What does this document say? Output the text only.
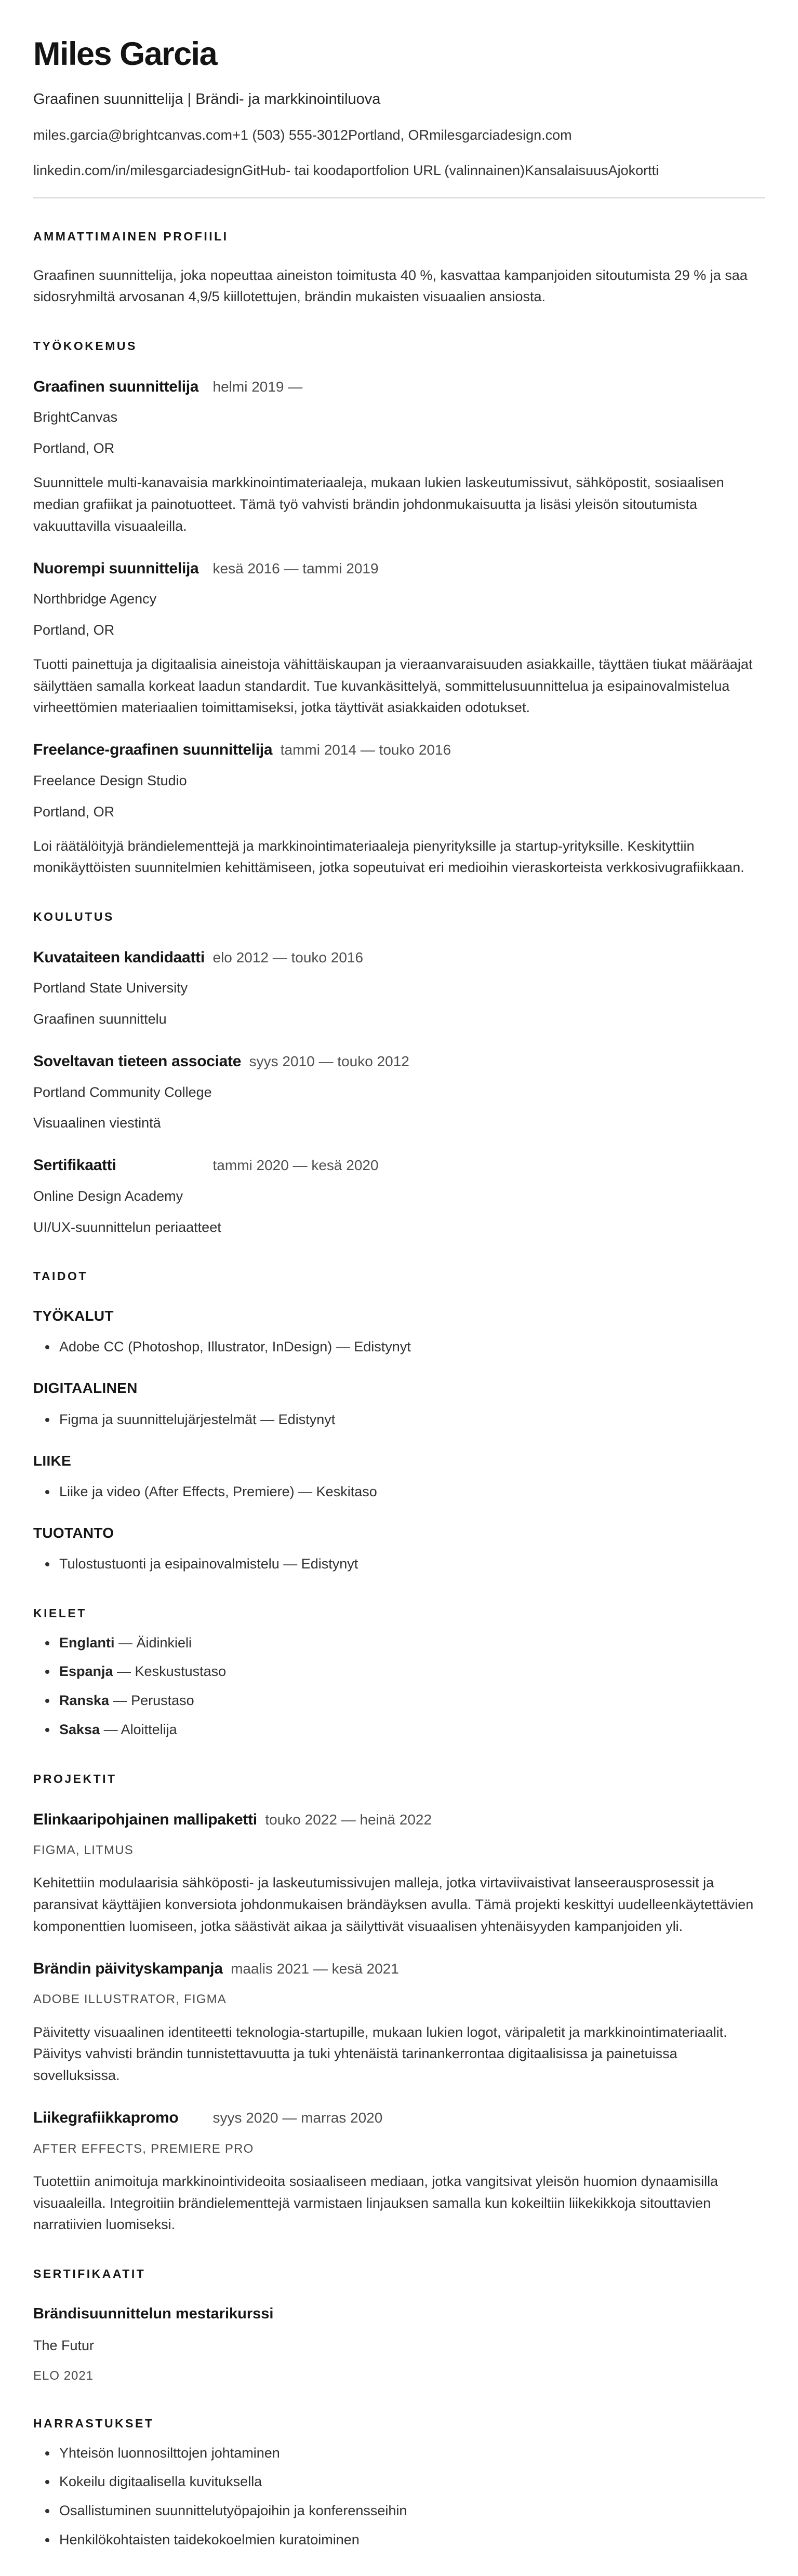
Miles Garcia
Graafinen suunnittelija | Brändi- ja markkinointiluova
miles.garcia@brightcanvas.com+1 (503) 555-3012Portland, ORmilesgarciadesign.com
linkedin.com/in/milesgarciadesignGitHub- tai koodaportfolion URL (valinnainen)KansalaisuusAjokortti
AMMATTIMAINEN PROFIILI

Graafinen suunnittelija, joka nopeuttaa aineiston toimitusta 40 %, kasvattaa kampanjoiden sitoutumista 29 % ja saa sidosryhmiltä arvosanan 4,9/5 kiillotettujen, brändin mukaisten visuaalien ansiosta.

TYÖKOKEMUS
Graafinen suunnittelija helmi 2019 —

BrightCanvas

Portland, OR

Suunnittele multi-kanavaisia markkinointimateriaaleja, mukaan lukien laskeutumissivut, sähköpostit, sosiaalisen median grafiikat ja painotuotteet. Tämä työ vahvisti brändin johdonmukaisuutta ja lisäsi yleisön sitoutumista vakuuttavilla visuaaleilla.

Nuorempi suunnittelija kesä 2016 — tammi 2019

Northbridge Agency

Portland, OR

Tuotti painettuja ja digitaalisia aineistoja vähittäiskaupan ja vieraanvaraisuuden asiakkaille, täyttäen tiukat määräajat säilyttäen samalla korkeat laadun standardit. Tue kuvankäsittelyä, sommittelusuunnittelua ja esipainovalmistelua virheettömien materiaalien toimittamiseksi, jotka täyttivät asiakkaiden odotukset.

Freelance-graafinen suunnittelija tammi 2014 — touko 2016

Freelance Design Studio

Portland, OR

Loi räätälöityjä brändielementtejä ja markkinointimateriaaleja pienyrityksille ja startup-yrityksille. Keskityttiin monikäyttöisten suunnitelmien kehittämiseen, jotka sopeutuivat eri medioihin vieraskorteista verkkosivugrafiikkaan.

KOULUTUS
Kuvataiteen kandidaatti elo 2012 — touko 2016

Portland State University

Graafinen suunnittelu

Soveltavan tieteen associate syys 2010 — touko 2012

Portland Community College

Visuaalinen viestintä

Sertifikaatti	tammi 2020 — kesä 2020

Online Design Academy

UI/UX-suunnittelun periaatteet

TAIDOT
TYÖKALUT
• Adobe CC (Photoshop, Illustrator, InDesign) — Edistynyt
DIGITAALINEN
• Figma ja suunnittelujärjestelmät — Edistynyt
LIIKE
• Liike ja video (After Effects, Premiere) — Keskitaso
TUOTANTO
• Tulostustuonti ja esipainovalmistelu — Edistynyt
KIELET
• Englanti — Äidinkieli
• Espanja — Keskustustaso
• Ranska — Perustaso
• Saksa — Aloittelija
PROJEKTIT
Elinkaaripohjainen mallipaketti touko 2022 — heinä 2022

FIGMA, LITMUS

Kehitettiin modulaarisia sähköposti- ja laskeutumissivujen malleja, jotka virtaviivaistivat lanseerausprosessit ja paransivat käyttäjien konversiota johdonmukaisen brändäyksen avulla. Tämä projekti keskittyi uudelleenkäytettävien komponenttien luomiseen, jotka säästivät aikaa ja säilyttivät visuaalisen yhtenäisyyden kampanjoiden yli.

Brändin päivityskampanja maalis 2021 — kesä 2021

ADOBE ILLUSTRATOR, FIGMA

Päivitetty visuaalinen identiteetti teknologia-startupille, mukaan lukien logot, väripaletit ja markkinointimateriaalit. Päivitys vahvisti brändin tunnistettavuutta ja tuki yhtenäistä tarinankerrontaa digitaalisissa ja painetuissa sovelluksissa.

Liikegrafiikkapromo syys 2020 — marras 2020

AFTER EFFECTS, PREMIERE PRO

Tuotettiin animoituja markkinointivideoita sosiaaliseen mediaan, jotka vangitsivat yleisön huomion dynaamisilla visuaaleilla. Integroitiin brändielementtejä varmistaen linjauksen samalla kun kokeiltiin liikekikkoja sitouttavien narratiivien luomiseksi.

SERTIFIKAATIT
Brändisuunnittelun mestarikurssi

The Futur

ELO 2021

HARRASTUKSET
• Yhteisön luonnosilttojen johtaminen
• Kokeilu digitaalisella kuvituksella
• Osallistuminen suunnittelutyöpajoihin ja konferensseihin
• Henkilökohtaisten taidekokoelmien kuratoiminen
